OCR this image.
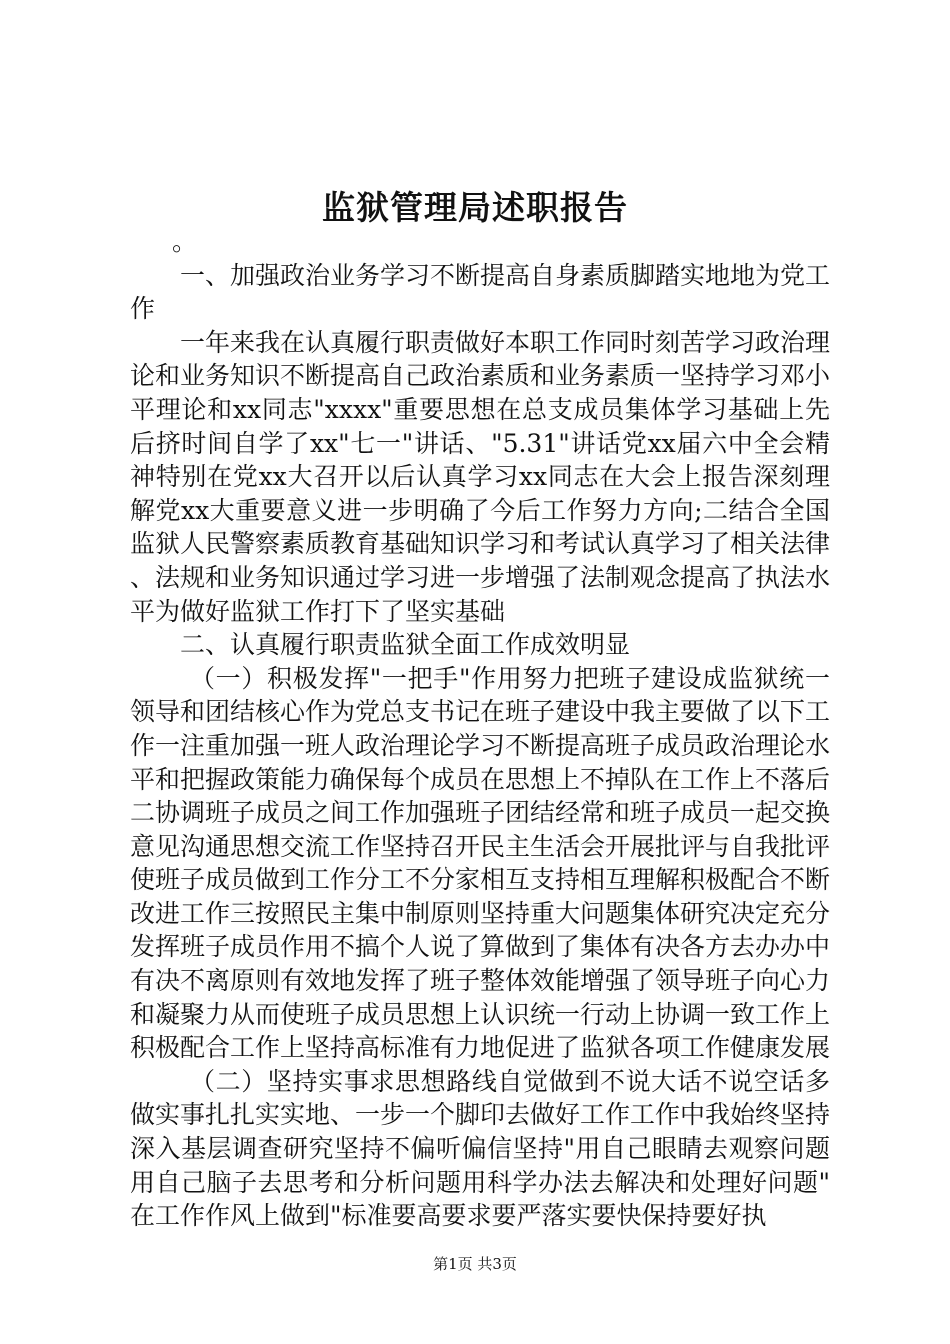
监狱管理局述职报告

。

一、加强政治业务学习不断提高自身素质脚踏实地地为党工作

一年来我在认真履行职责做好本职工作同时刻苦学习政治理论和业务知识不断提高自己政治素质和业务素质一坚持学习邓小平理论和xx同志"xxxx"重要思想在总支成员集体学习基础上先后挤时间自学了xx"七一"讲话、"5.31"讲话党xx届六中全会精神特别在党xx大召开以后认真学习xx同志在大会上报告深刻理解党xx大重要意义进一步明确了今后工作努力方向;二结合全国监狱人民警察素质教育基础知识学习和考试认真学习了相关法律、法规和业务知识通过学习进一步增强了法制观念提高了执法水平为做好监狱工作打下了坚实基础

二、认真履行职责监狱全面工作成效明显

（一）积极发挥"一把手"作用努力把班子建设成监狱统一领导和团结核心作为党总支书记在班子建设中我主要做了以下工作一注重加强一班人政治理论学习不断提高班子成员政治理论水平和把握政策能力确保每个成员在思想上不掉队在工作上不落后二协调班子成员之间工作加强班子团结经常和班子成员一起交换意见沟通思想交流工作坚持召开民主生活会开展批评与自我批评使班子成员做到工作分工不分家相互支持相互理解积极配合不断改进工作三按照民主集中制原则坚持重大问题集体研究决定充分发挥班子成员作用不搞个人说了算做到了集体有决各方去办办中有决不离原则有效地发挥了班子整体效能增强了领导班子向心力和凝聚力从而使班子成员思想上认识统一行动上协调一致工作上积极配合工作上坚持高标准有力地促进了监狱各项工作健康发展

（二）坚持实事求思想路线自觉做到不说大话不说空话多做实事扎扎实实地、一步一个脚印去做好工作工作中我始终坚持深入基层调查研究坚持不偏听偏信坚持"用自己眼睛去观察问题用自己脑子去思考和分析问题用科学办法去解决和处理好问题"在工作作风上做到"标准要高要求要严落实要快保持要好执

第1页 共3页
